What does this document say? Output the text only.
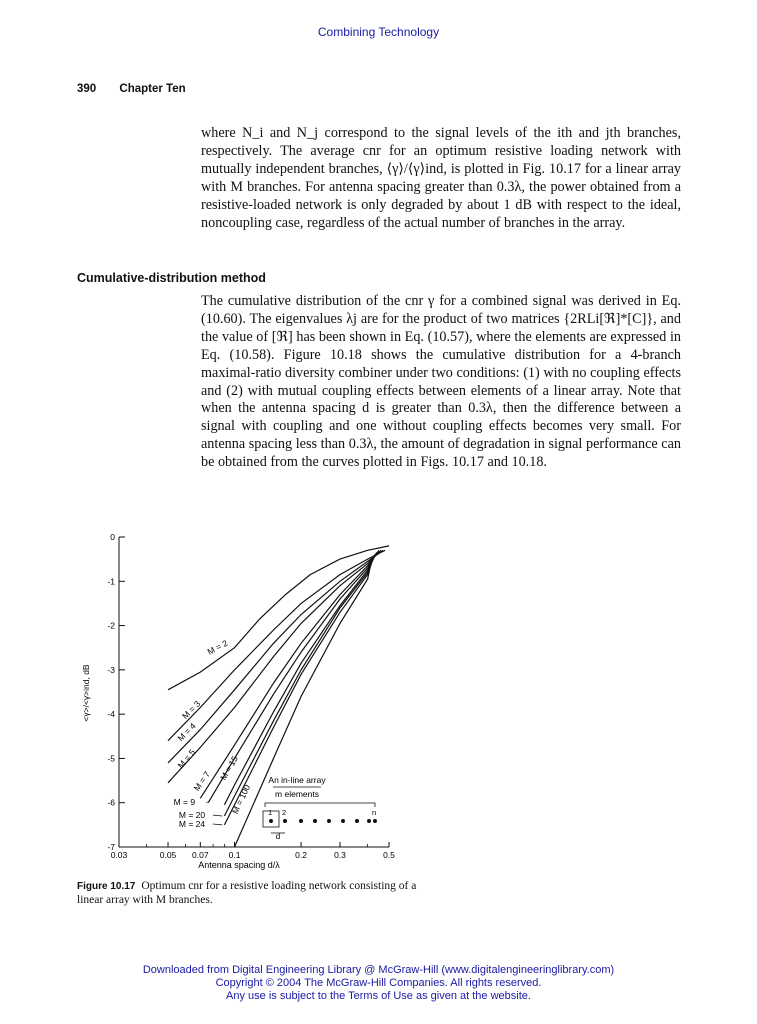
Combining Technology
390 Chapter Ten

where N_i and N_j correspond to the signal levels of the ith and jth branches, respectively. The average cnr for an optimum resistive loading network with mutually independent branches, ⟨γ⟩/⟨γ⟩ind, is plotted in Fig. 10.17 for a linear array with M branches. For antenna spacing greater than 0.3λ, the power obtained from a resistive-loaded network is only degraded by about 1 dB with respect to the ideal, noncoupling case, regardless of the actual number of branches in the array.

Cumulative-distribution method

The cumulative distribution of the cnr γ for a combined signal was derived in Eq. (10.60). The eigenvalues λj are for the product of two matrices {2RLi[ℜ]*[C]}, and the value of [ℜ] has been shown in Eq. (10.57), where the elements are expressed in Eq. (10.58). Figure 10.18 shows the cumulative distribution for a 4-branch maximal-ratio diversity combiner under two conditions: (1) with no coupling effects and (2) with mutual coupling effects between elements of a linear array. Note that when the antenna spacing d is greater than 0.3λ, then the difference between a signal with coupling and one without coupling effects becomes very small. For antenna spacing less than 0.3λ, the amount of degradation in signal performance can be obtained from the curves plotted in Figs. 10.17 and 10.18.

0
-1
-2
-3
-4
-5
-6
-7
0.03	0.05 0.07 0.1	0.2	0.3	0.5
M = 2
M = 3
M = 4
M = 5
M = 7
M = 9
M = 15
M = 20
M = 24
M = 100
An in-line array
m elements
1 2	n
d
Antenna spacing d/λ
<γ>/<γ>ind, dB
Figure 10.17 Optimum cnr for a resistive loading network consisting of a linear array with M branches.
Downloaded from Digital Engineering Library @ McGraw-Hill (www.digitalengineeringlibrary.com)
Copyright © 2004 The McGraw-Hill Companies. All rights reserved.
Any use is subject to the Terms of Use as given at the website.
